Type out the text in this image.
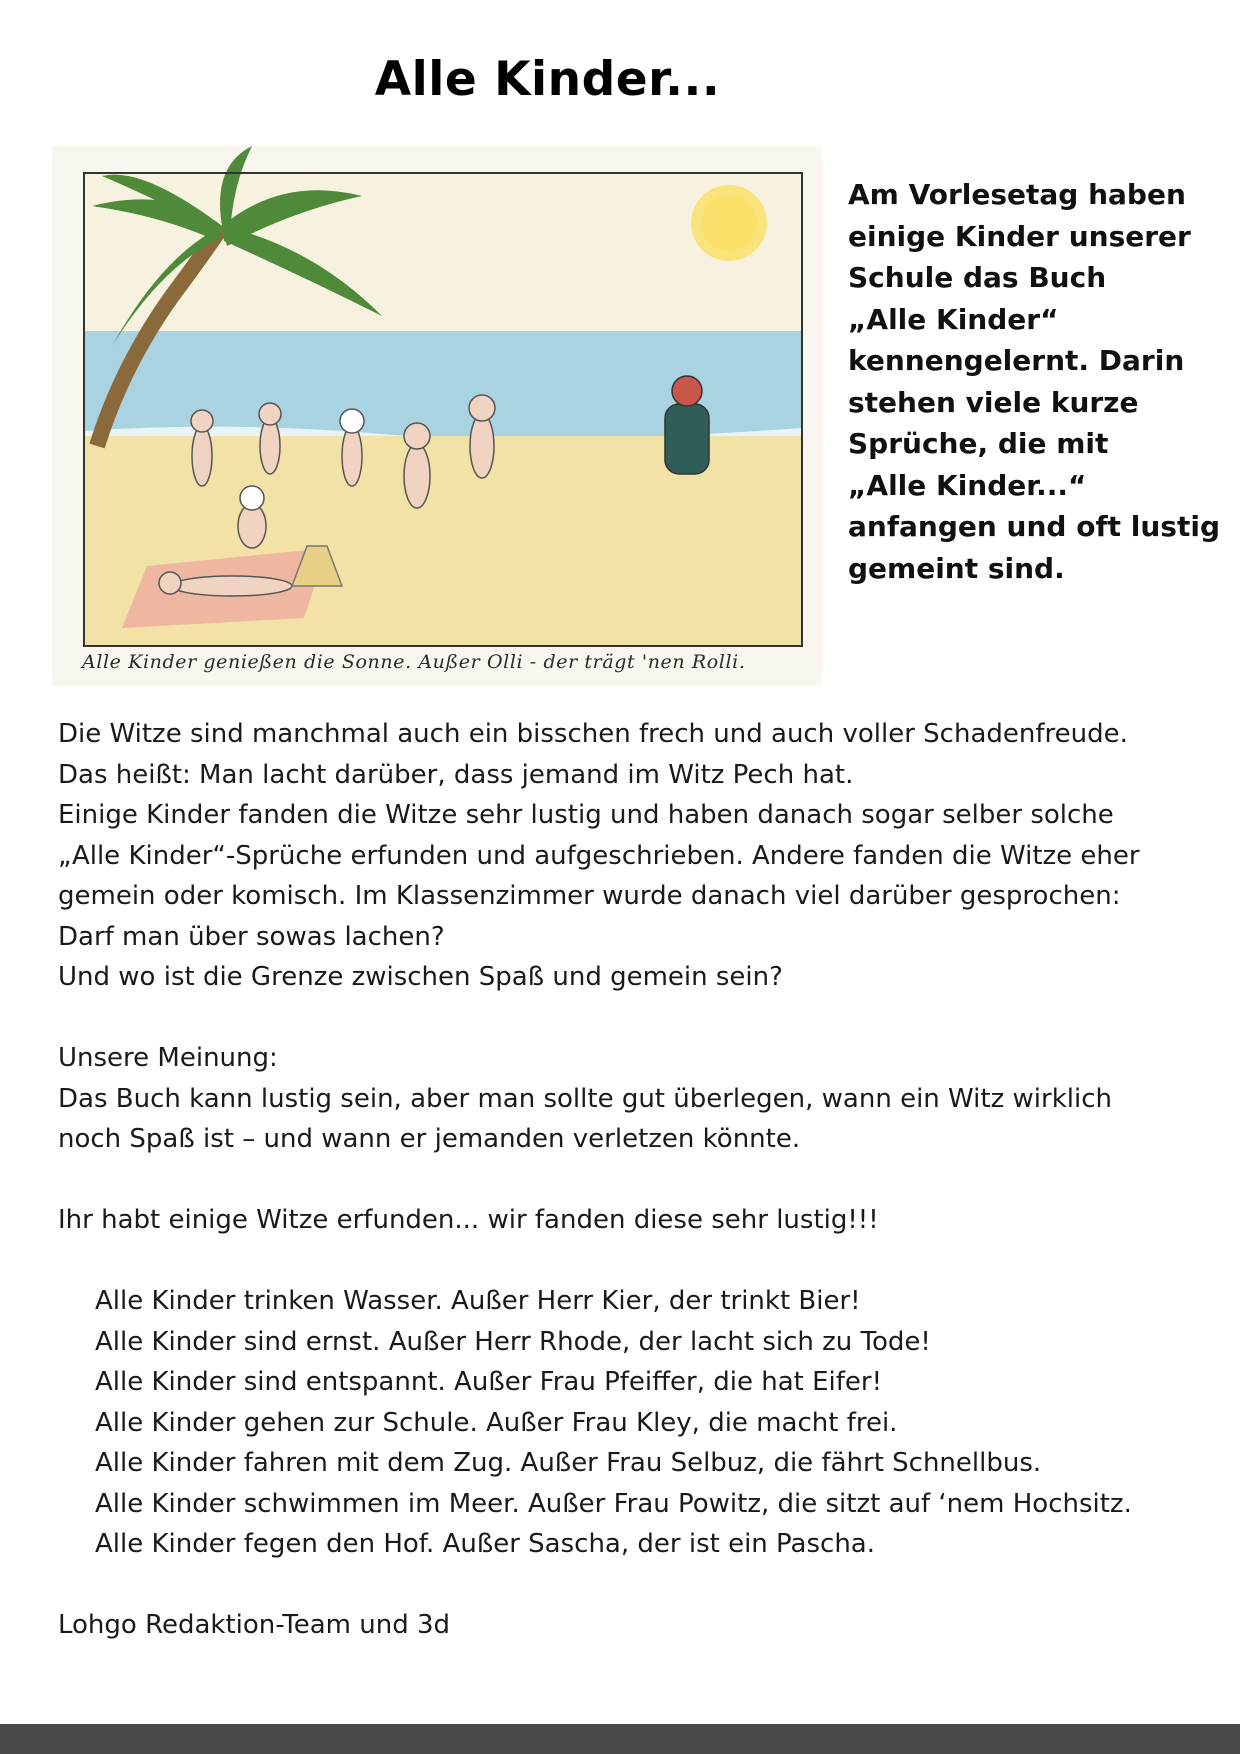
Alle Kinder...
Alle Kinder genießen die Sonne. Außer Olli - der trägt 'nen Rolli.

Am Vorlesetag haben

einige Kinder unserer

Schule das Buch

„Alle Kinder“

kennengelernt. Darin

stehen viele kurze

Sprüche, die mit

„Alle Kinder...“

anfangen und oft lustig

gemeint sind.

Die Witze sind manchmal auch ein bisschen frech und auch voller Schadenfreude.

Das heißt: Man lacht darüber, dass jemand im Witz Pech hat.

Einige Kinder fanden die Witze sehr lustig und haben danach sogar selber solche

„Alle Kinder“-Sprüche erfunden und aufgeschrieben. Andere fanden die Witze eher

gemein oder komisch. Im Klassenzimmer wurde danach viel darüber gesprochen:

Darf man über sowas lachen?

Und wo ist die Grenze zwischen Spaß und gemein sein?

Unsere Meinung:

Das Buch kann lustig sein, aber man sollte gut überlegen, wann ein Witz wirklich

noch Spaß ist – und wann er jemanden verletzen könnte.

Ihr habt einige Witze erfunden... wir fanden diese sehr lustig!!!

Alle Kinder trinken Wasser. Außer Herr Kier, der trinkt Bier!

Alle Kinder sind ernst. Außer Herr Rhode, der lacht sich zu Tode!

Alle Kinder sind entspannt. Außer Frau Pfeiffer, die hat Eifer!

Alle Kinder gehen zur Schule. Außer Frau Kley, die macht frei.

Alle Kinder fahren mit dem Zug. Außer Frau Selbuz, die fährt Schnellbus.

Alle Kinder schwimmen im Meer. Außer Frau Powitz, die sitzt auf ‘nem Hochsitz.

Alle Kinder fegen den Hof. Außer Sascha, der ist ein Pascha.

Lohgo Redaktion-Team und 3d
